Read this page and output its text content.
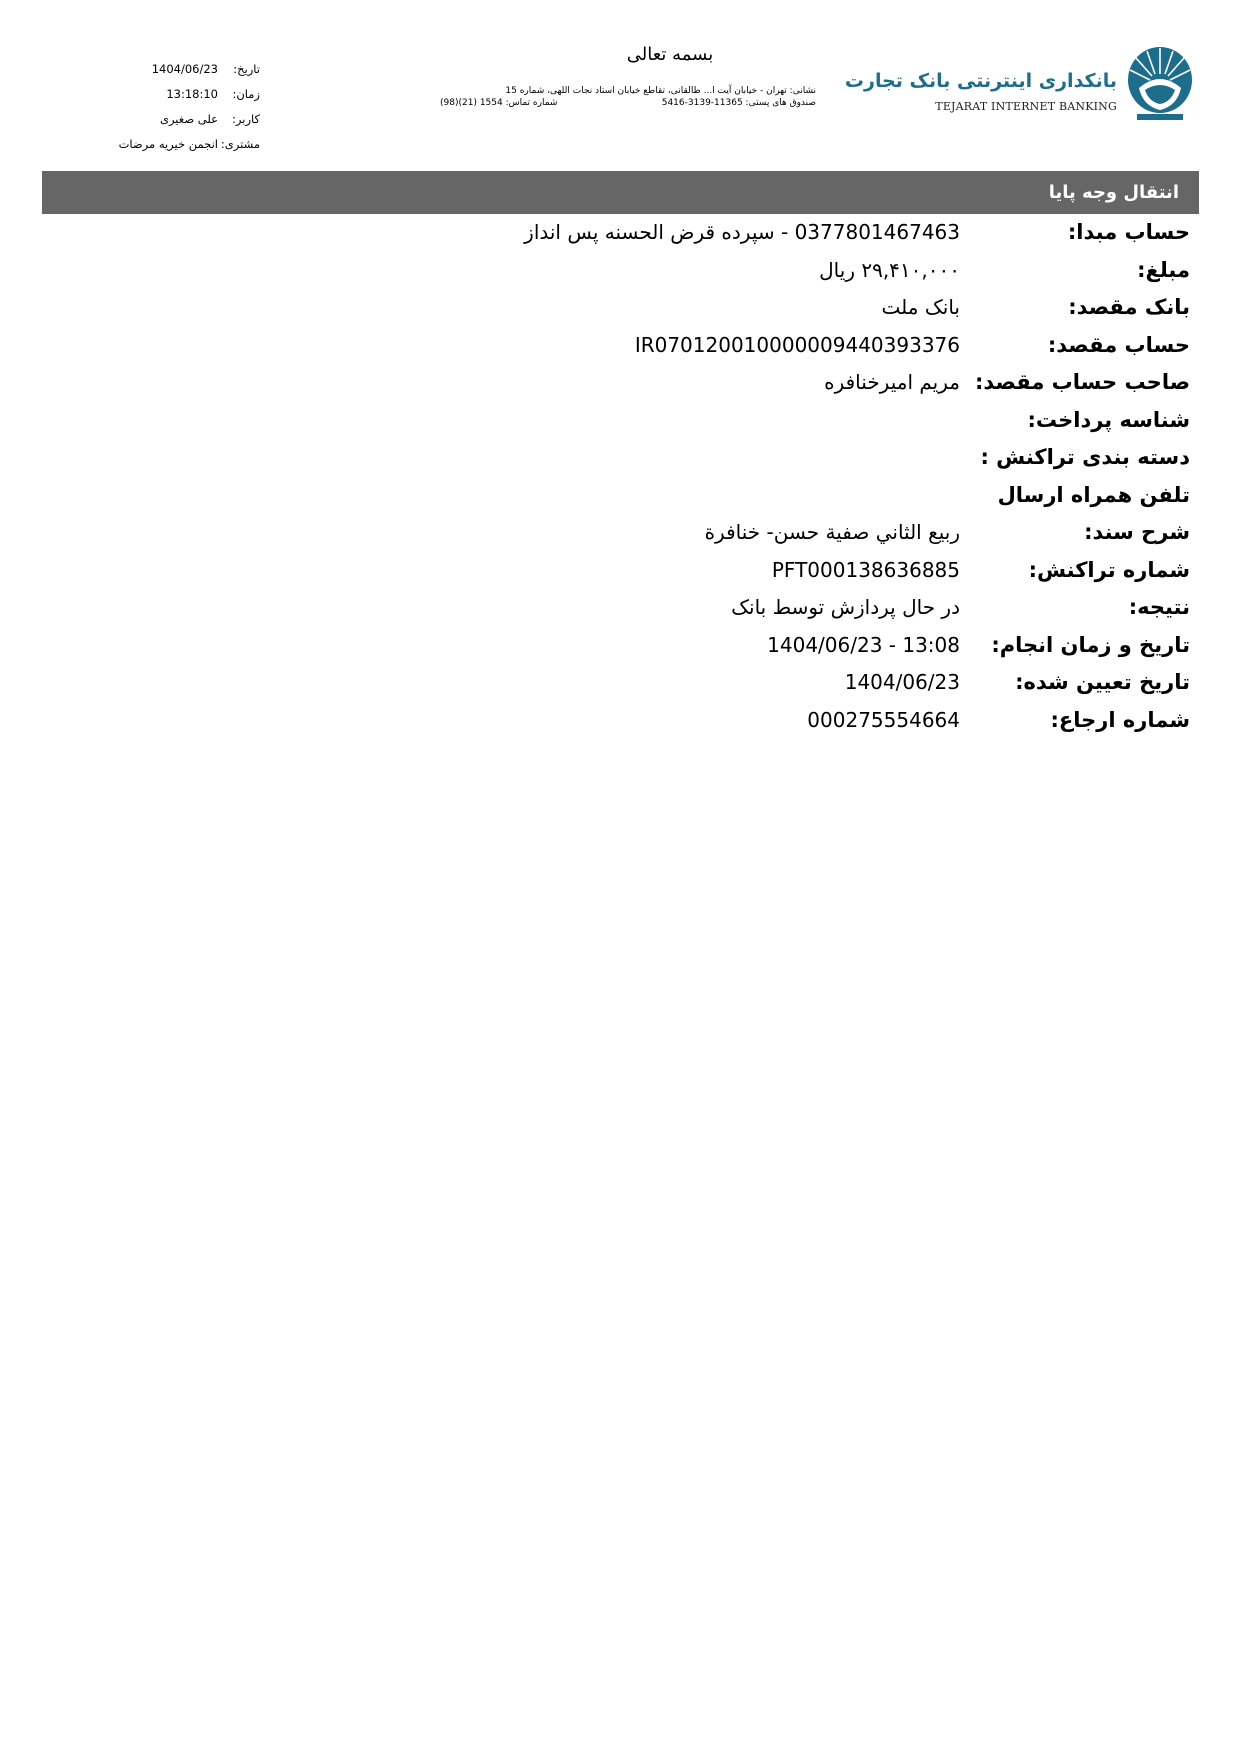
بانکداری اینترنتی بانک تجارت
TEJARAT INTERNET BANKING
بسمه تعالی
نشانی: تهران - خیابان آیت ا... طالقانی، تقاطع خیابان استاد نجات اللهی، شماره 15
صندوق های پستی: 11365-3139-5416
شماره تماس: 1554 (21)(98)
تاریخ:
1404/06/23
زمان:
13:18:10
کاربر:
علی صغیری
مشتری:
انجمن خیریه مرضات
انتقال وجه پایا
حساب مبدا:
0377801467463 - سپرده قرض الحسنه پس انداز
مبلغ:
۲۹,۴۱۰,۰۰۰ ریال
بانک مقصد:
بانک ملت
حساب مقصد:
IR070120010000009440393376
صاحب حساب مقصد:
مریم امیرخنافره
شناسه پرداخت:
دسته بندی تراکنش :
تلفن همراه ارسال
شرح سند:
ربيع الثاني صفية حسن- خنافرة
شماره تراکنش:
PFT000138636885
نتیجه:
در حال پردازش توسط بانک
تاریخ و زمان انجام:
1404/06/23 - 13:08
تاریخ تعیین شده:
1404/06/23
شماره ارجاع:
000275554664
